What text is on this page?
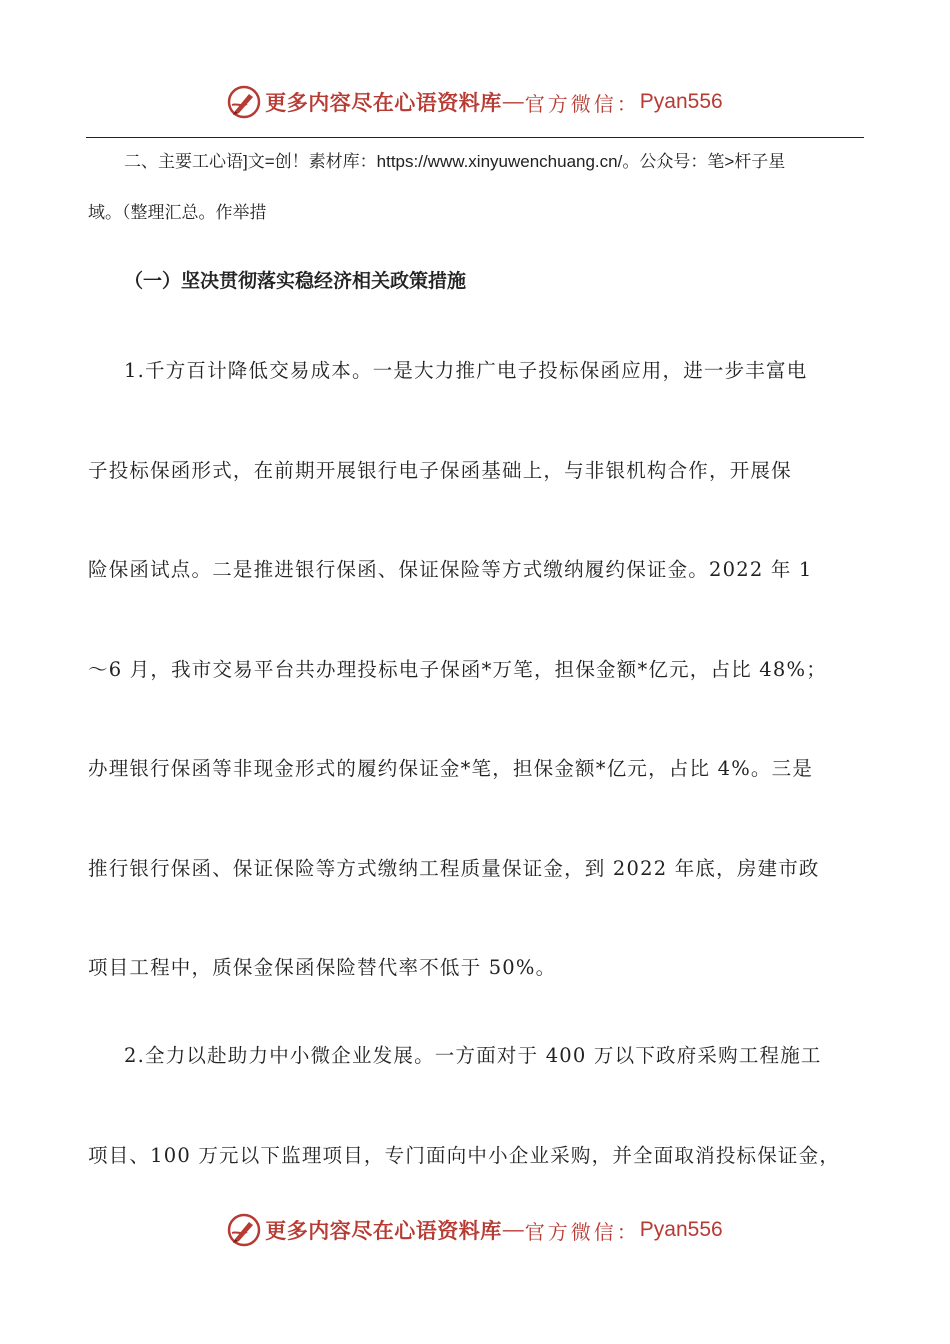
更多内容尽在心语资料库 — 官方微信： Pyan556

二、主要工心语]文=创！素材库：https://www.xinyuwenchuang.cn/。公众号：笔>杆子星

域。（整理汇总。作举措

（一）坚决贯彻落实稳经济相关政策措施

1.千方百计降低交易成本。一是大力推广电子投标保函应用，进一步丰富电

子投标保函形式，在前期开展银行电子保函基础上，与非银机构合作，开展保

险保函试点。二是推进银行保函、保证保险等方式缴纳履约保证金。2022 年 1

～6 月，我市交易平台共办理投标电子保函*万笔，担保金额*亿元，占比 48%；

办理银行保函等非现金形式的履约保证金*笔，担保金额*亿元，占比 4%。三是

推行银行保函、保证保险等方式缴纳工程质量保证金，到 2022 年底，房建市政

项目工程中，质保金保函保险替代率不低于 50%。

2.全力以赴助力中小微企业发展。一方面对于 400 万以下政府采购工程施工

项目、100 万元以下监理项目，专门面向中小企业采购，并全面取消投标保证金，

更多内容尽在心语资料库 — 官方微信： Pyan556
